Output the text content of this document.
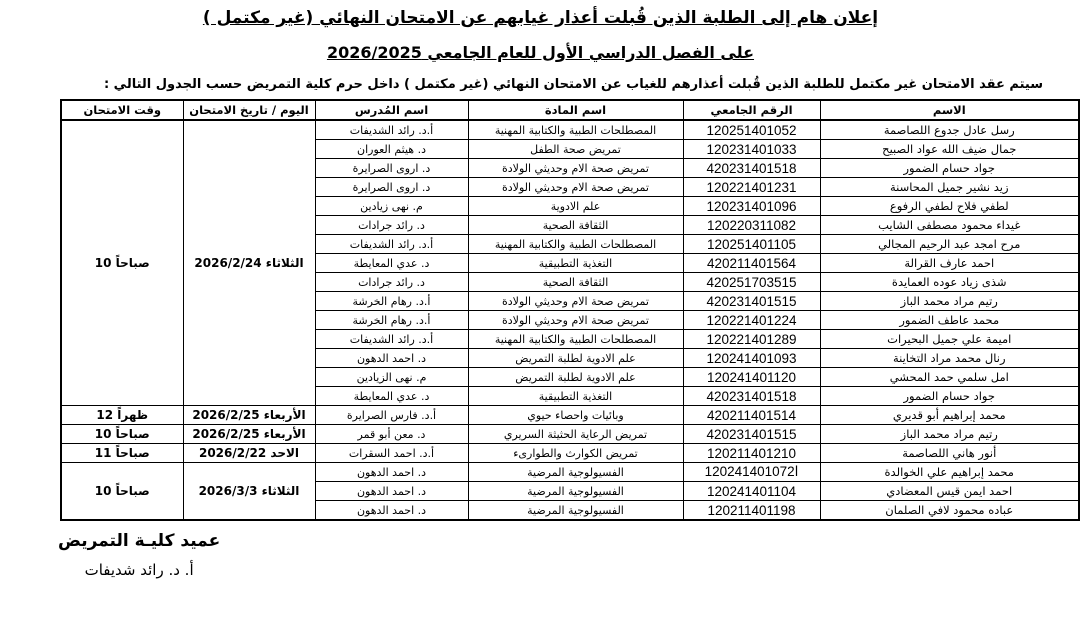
إعلان هام إلى الطلبة الذين قُبلت أعذار غيابهم عن الامتحان النهائي (غير مكتمل )
على الفصل الدراسي الأول للعام الجامعي 2026/2025
سيتم عقد الامتحان غير مكتمل للطلبة الذين قُبلت أعذارهم للغياب عن الامتحان النهائي (غير مكتمل ) داخل حرم كلية التمريض حسب الجدول التالي :
الاسم	الرقم الجامعي	اسم المادة	اسم المُدرس	اليوم / تاريخ الامتحان	وقت الامتحان
رسل عادل جدوع اللصاصمة	120251401052	المصطلحات الطبية والكتابية المهنية	أ.د. رائد الشديفات	الثلاثاء 2026/2/24	10 صباحاً
جمال ضيف الله عواد الصبيح	120231401033	تمريض صحة الطفل	د. هيثم العوران		
جواد حسام الضمور	420231401518	تمريض صحة الام وحديثي الولادة	د. اروى الصرايرة		
زيد نشير جميل المحاسنة	120221401231	تمريض صحة الام وحديثي الولادة	د. اروى الصرايرة		
لطفي فلاح لطفي الرفوع	120231401096	علم الادوية	م. نهى زيادين		
غيداء محمود مصطفى الشايب	120220311082	الثقافة الصحية	د. رائد جرادات		
مرح امجد عبد الرحيم المجالي	120251401105	المصطلحات الطبية والكتابية المهنية	أ.د. رائد الشديفات		
احمد عارف القرالة	420211401564	التغذية التطبيقية	د. عدي المعايطة		
شذى زياد عوده العمايدة	420251703515	الثقافة الصحية	د. رائد جرادات		
رتيم مراد محمد الباز	420231401515	تمريض صحة الام وحديثي الولادة	أ.د. رهام الخرشة		
محمد عاطف الضمور	120221401224	تمريض صحة الام وحديثي الولادة	أ.د. رهام الخرشة		
اميمة علي جميل البحيرات	120221401289	المصطلحات الطبية والكتابية المهنية	أ.د. رائد الشديفات		
رنال محمد مراد التخاينة	120241401093	علم الادوية لطلبة التمريض	د. احمد الدهون		
امل سلمي حمد المحشي	120241401120	علم الادوية لطلبة التمريض	م. نهى الزيادين		
جواد حسام الضمور	420231401518	التغذية التطبيقية	د. عدي المعايطة		
محمد إبراهيم أبو قديري	420211401514	وبائيات واحصاء حيوي	أ.د. فارس الصرايرة	الأربعاء 2026/2/25	12 ظهراً
رتيم مراد محمد الباز	420231401515	تمريض الرعاية الحثيثة السريري	د. معن أبو قمر	الأربعاء 2026/2/25	10 صباحاً
أنور هاني اللصاصمة	120211401210	تمريض الكوارث والطوارىء	أ.د. احمد السقرات	الاحد 2026/2/22	11 صباحاً
محمد إبراهيم علي الخوالدة	ا120241401072	الفسيولوجية المرضية	د. احمد الدهون	الثلاثاء 2026/3/3	10 صباحاً
احمد ايمن قيس المعضادي	120241401104	الفسيولوجية المرضية	د. احمد الدهون		
عباده محمود لافي الصلمان	120211401198	الفسيولوجية المرضية	د. احمد الدهون		
عميد كليـة التمريض
أ. د. رائد شديفات
